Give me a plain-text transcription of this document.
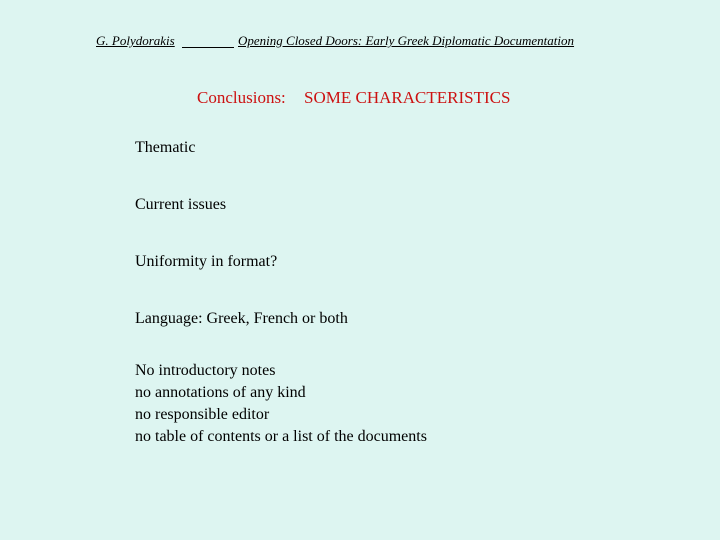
G. Polydorakis	Opening Closed Doors: Early Greek Diplomatic Documentation
Conclusions: SOME CHARACTERISTICS
Thematic
Current issues
Uniformity in format?
Language: Greek, French or both
No introductory notes
no annotations of any kind
no responsible editor
no table of contents or a list of the documents
